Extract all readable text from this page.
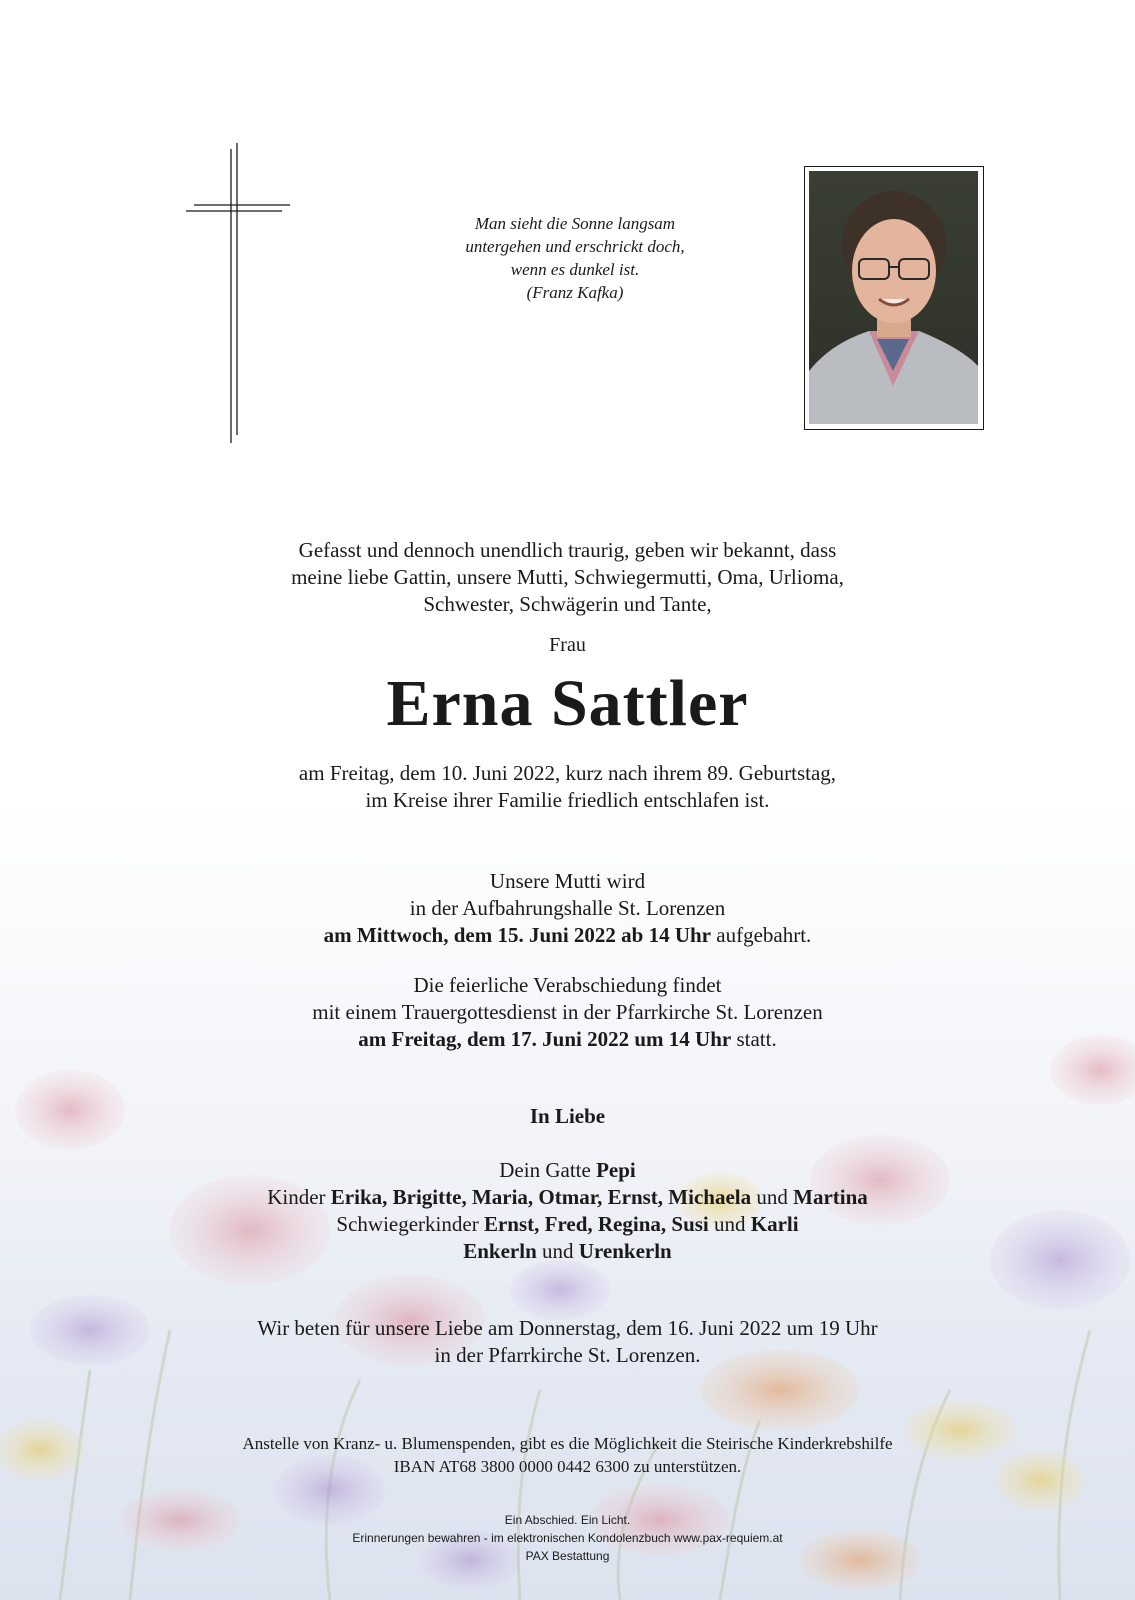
Man sieht die Sonne langsam
untergehen und erschrickt doch,
wenn es dunkel ist.
(Franz Kafka)
Gefasst und dennoch unendlich traurig, geben wir bekannt, dass
meine liebe Gattin, unsere Mutti, Schwiegermutti, Oma, Urlioma,
Schwester, Schwägerin und Tante,
Frau
Erna Sattler
am Freitag, dem 10. Juni 2022, kurz nach ihrem 89. Geburtstag,
im Kreise ihrer Familie friedlich entschlafen ist.
Unsere Mutti wird
in der Aufbahrungshalle St. Lorenzen
am Mittwoch, dem 15. Juni 2022 ab 14 Uhr aufgebahrt.
Die feierliche Verabschiedung findet
mit einem Trauergottesdienst in der Pfarrkirche St. Lorenzen
am Freitag, dem 17. Juni 2022 um 14 Uhr statt.
In Liebe
Dein Gatte Pepi
Kinder Erika, Brigitte, Maria, Otmar, Ernst, Michaela und Martina
Schwiegerkinder Ernst, Fred, Regina, Susi und Karli
Enkerln und Urenkerln
Wir beten für unsere Liebe am Donnerstag, dem 16. Juni 2022 um 19 Uhr
in der Pfarrkirche St. Lorenzen.
Anstelle von Kranz- u. Blumenspenden, gibt es die Möglichkeit die Steirische Kinderkrebshilfe
IBAN AT68 3800 0000 0442 6300 zu unterstützen.
Ein Abschied. Ein Licht.
Erinnerungen bewahren - im elektronischen Kondolenzbuch www.pax-requiem.at
PAX Bestattung
